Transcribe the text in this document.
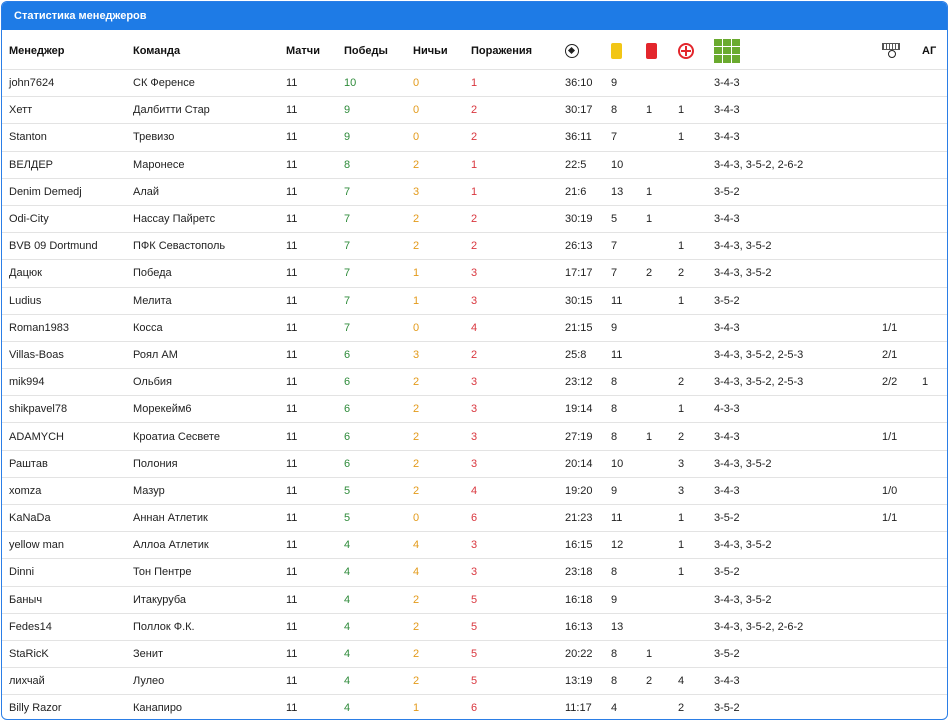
Статистика менеджеров
Менеджер	Команда	Матчи	Победы	Ничьи	Поражения							АГ
john7624	СК Ференсе	11	10	0	1	36:10	9			3-4-3		
Хетт	Далбитти Стар	11	9	0	2	30:17	8	1	1	3-4-3		
Stanton	Тревизо	11	9	0	2	36:11	7		1	3-4-3		
ВЕЛДЕР	Маронесе	11	8	2	1	22:5	10			3-4-3, 3-5-2, 2-6-2		
Denim Demedj	Алай	11	7	3	1	21:6	13	1		3-5-2		
Odi-City	Нассау Пайретс	11	7	2	2	30:19	5	1		3-4-3		
BVB 09 Dortmund	ПФК Севастополь	11	7	2	2	26:13	7		1	3-4-3, 3-5-2		
Дацюк	Победа	11	7	1	3	17:17	7	2	2	3-4-3, 3-5-2		
Ludius	Мелита	11	7	1	3	30:15	11		1	3-5-2		
Roman1983	Косса	11	7	0	4	21:15	9			3-4-3	1/1	
Villas-Boas	Роял АМ	11	6	3	2	25:8	11			3-4-3, 3-5-2, 2-5-3	2/1	
mik994	Ольбия	11	6	2	3	23:12	8		2	3-4-3, 3-5-2, 2-5-3	2/2	1
shikpavel78	Морекейм6	11	6	2	3	19:14	8		1	4-3-3		
ADAMYCH	Кроатиа Сесвете	11	6	2	3	27:19	8	1	2	3-4-3	1/1	
Раштав	Полония	11	6	2	3	20:14	10		3	3-4-3, 3-5-2		
xomza	Мазур	11	5	2	4	19:20	9		3	3-4-3	1/0	
KaNaDa	Аннан Атлетик	11	5	0	6	21:23	11		1	3-5-2	1/1	
yellow man	Аллоа Атлетик	11	4	4	3	16:15	12		1	3-4-3, 3-5-2		
Dinni	Тон Пентре	11	4	4	3	23:18	8		1	3-5-2		
Баныч	Итакуруба	11	4	2	5	16:18	9			3-4-3, 3-5-2		
Fedes14	Поллок Ф.К.	11	4	2	5	16:13	13			3-4-3, 3-5-2, 2-6-2		
StaRicK	Зенит	11	4	2	5	20:22	8	1		3-5-2		
лихчай	Лулео	11	4	2	5	13:19	8	2	4	3-4-3		
Billy Razor	Канапиро	11	4	1	6	11:17	4		2	3-5-2		
